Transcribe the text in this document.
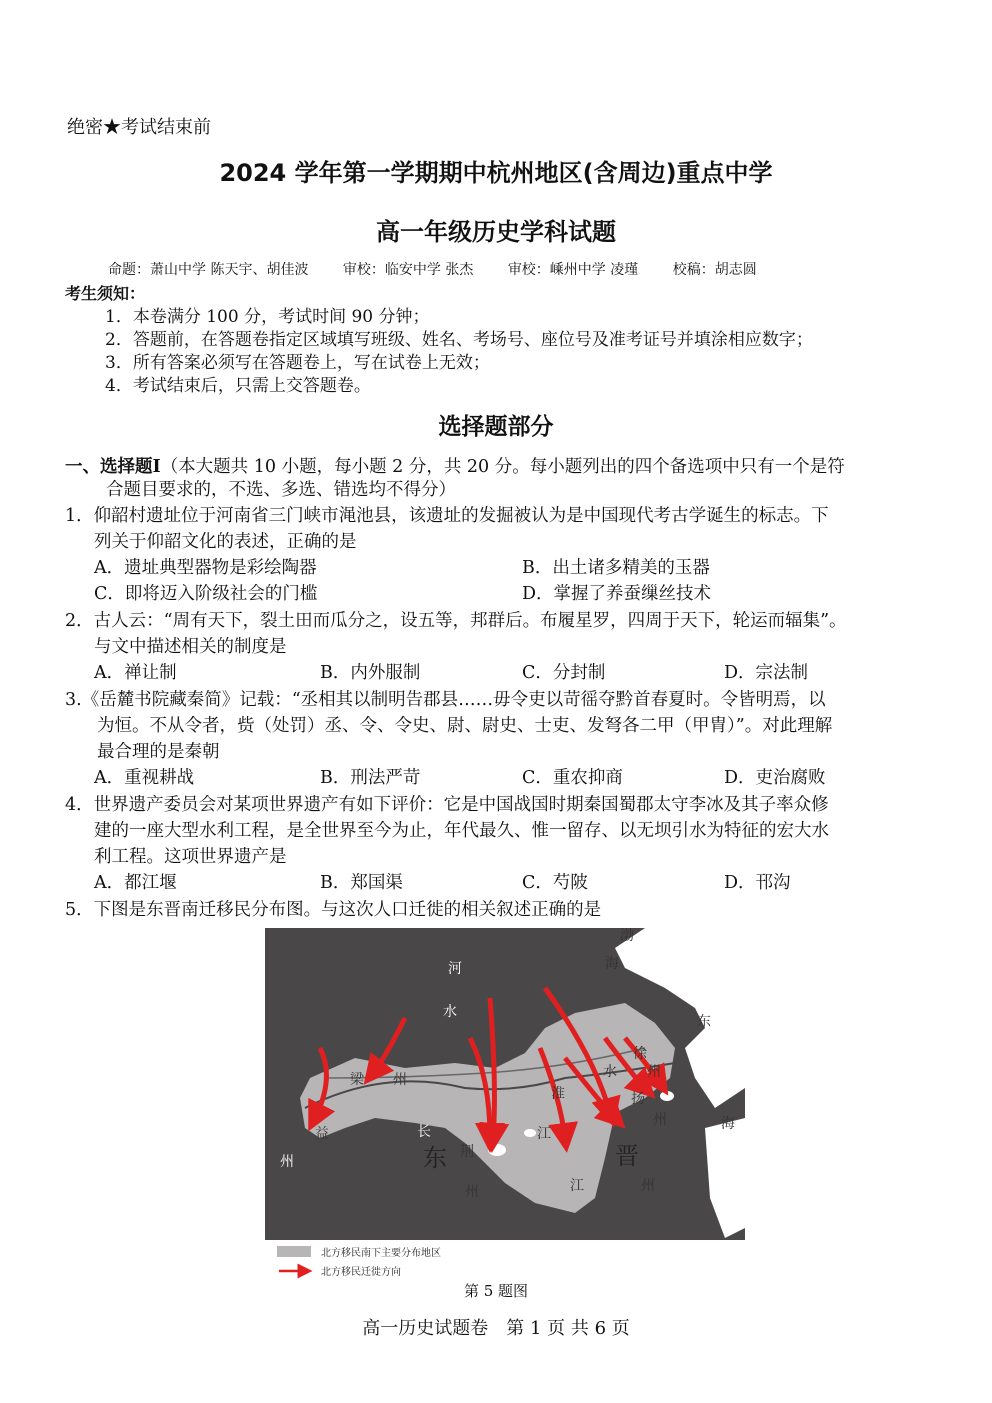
绝密★考试结束前
2024 学年第一学期期中杭州地区(含周边)重点中学
高一年级历史学科试题
命题：萧山中学 陈天宇、胡佳波 审校：临安中学 张杰 审校：嵊州中学 凌瑾 校稿：胡志圆
考生须知：
1．本卷满分 100 分，考试时间 90 分钟；
2．答题前，在答题卷指定区域填写班级、姓名、考场号、座位号及准考证号并填涂相应数字；
3．所有答案必须写在答题卷上，写在试卷上无效；
4．考试结束后，只需上交答题卷。
选择题部分
一、选择题Ⅰ（本大题共 10 小题，每小题 2 分，共 20 分。每小题列出的四个备选项中只有一个是符
合题目要求的，不选、多选、错选均不得分）
1．仰韶村遗址位于河南省三门峡市渑池县，该遗址的发掘被认为是中国现代考古学诞生的标志。下
列关于仰韶文化的表述，正确的是
A．遗址典型器物是彩绘陶器	B．出土诸多精美的玉器
C．即将迈入阶级社会的门槛	D．掌握了养蚕缫丝技术
2．古人云：“周有天下，裂土田而瓜分之，设五等，邦群后。布履星罗，四周于天下，轮运而辐集”。
与文中描述相关的制度是
A．禅让制	B．内外服制	C．分封制	D．宗法制
3.《岳麓书院藏秦简》记载：“丞相其以制明告郡县……毋令吏以苛徭夺黔首春夏时。令皆明焉，以
为恒。不从令者，赀（处罚）丞、令、令史、尉、尉史、士吏、发弩各二甲（甲胄）”。对此理解
最合理的是秦朝
A．重视耕战	B．刑法严苛	C．重农抑商	D．吏治腐败
4．世界遗产委员会对某项世界遗产有如下评价：它是中国战国时期秦国蜀郡太守李冰及其子率众修
建的一座大型水利工程，是全世界至今为止，年代最久、惟一留存、以无坝引水为特征的宏大水
利工程。这项世界遗产是
A．都江堰	B．郑国渠	C．芍陂	D．邗沟
5．下图是东晋南迁移民分布图。与这次人口迁徙的相关叙述正确的是
渤
海
河
水
东
梁 州
徐
州
水
淮	扬
州	海
益	长	江
荆
东	晋
州
州	江	州
北方移民南下主要分布地区
北方移民迁徙方向
第 5 题图
高一历史试题卷　第 1 页 共 6 页
